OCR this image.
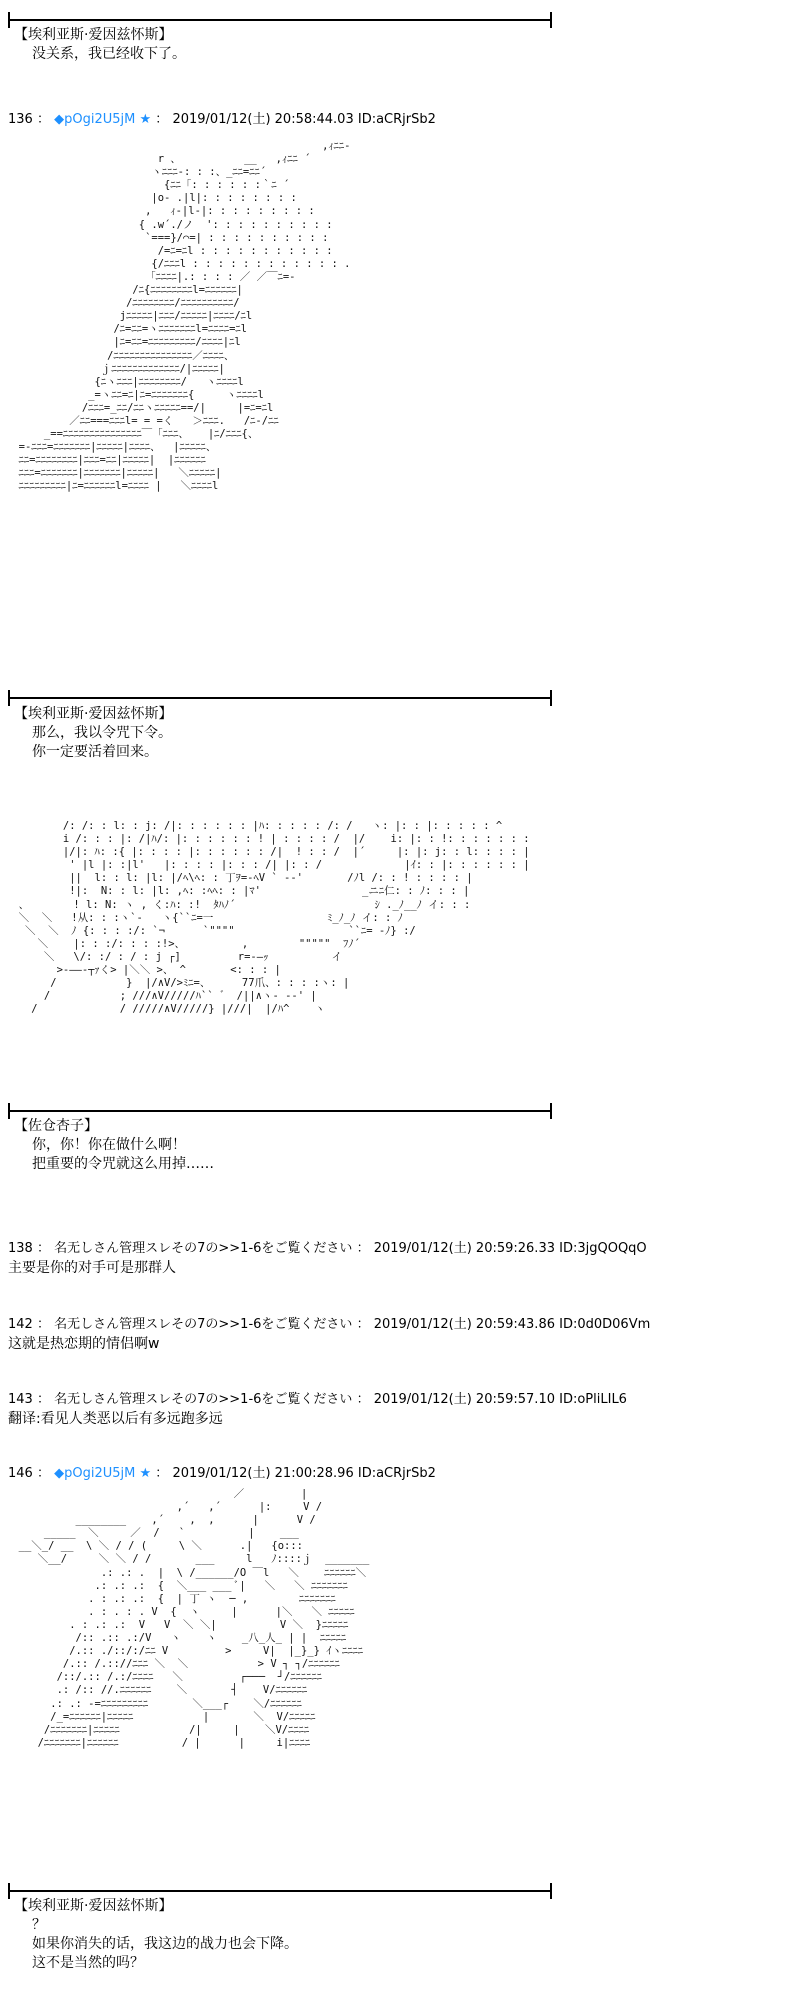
【埃利亚斯·爱因兹怀斯】
没关系，我已经收下了。
136 ： ◆pOgi2U5jM ★ ： 2019/01/12(土) 20:58:44.03 ID:aCRjrSb2
,ｨﾆﾆ-
r 、          __   ,ｨﾆﾆ ´
ヽﾆﾆﾆ-: : :、_ﾆﾆ=ﾆﾆ´
{ﾆﾆ「: : : : : :｀ﾆ ´
|o- .|l|: : : : : : : :
,   ｨ-|l-|: : : : : : : : :
{ .w´./ノ  ': : : : : : : : : :
`===}/⌒=| : : : : : : : : : :
/=ﾆ=ﾆl : : : : : : : : : : :
{/ﾆﾆﾆl : : : : : : : : : : : : .
「ﾆﾆﾆﾆ|.: : : : ／ ／￣ﾆ=-
/ﾆ{ﾆﾆﾆﾆﾆﾆﾆﾆl=ﾆﾆﾆﾆﾆﾆ|
/ﾆﾆﾆﾆﾆﾆﾆﾆ/ﾆﾆﾆﾆﾆﾆﾆﾆﾆﾆ/
jﾆﾆﾆﾆﾆ|ﾆﾆﾆ/ﾆﾆﾆﾆﾆ|ﾆﾆﾆﾆ/ﾆl
/ﾆ=ﾆﾆ=ヽﾆﾆﾆﾆﾆﾆﾆl=ﾆﾆﾆﾆ=ﾆl
|ﾆ=ﾆﾆ=ﾆﾆﾆﾆﾆﾆﾆﾆﾆ/ﾆﾆﾆﾆ|ﾆl
/ﾆﾆﾆﾆﾆﾆﾆﾆﾆﾆﾆﾆﾆﾆﾆ／ﾆﾆﾆﾆ、
ｊﾆﾆﾆﾆﾆﾆﾆﾆﾆﾆﾆﾆﾆ/|ﾆﾆﾆﾆﾆ|
{ﾆヽﾆﾆﾆ|ﾆﾆﾆﾆﾆﾆﾆﾆ/   ヽﾆﾆﾆﾆl
_=ヽﾆﾆ=ﾆ|ﾆ=ﾆﾆﾆﾆﾆﾆﾆ{     ヽﾆﾆﾆﾆl
/ﾆﾆﾆ=_ﾆﾆ/ﾆﾆヽﾆﾆﾆﾆﾆ==/|     |=ﾆ=ﾆl
／ﾆﾆ===ﾆﾆﾆl= = =く   ＞ﾆﾆﾆ.   /ﾆ-/ﾆﾆ
_==ﾆﾆﾆﾆﾆﾆﾆﾆﾆﾆﾆﾆﾆﾆﾆ￣「ﾆﾆﾆ、   |ﾆ/ﾆﾆﾆ{、
=-ﾆﾆﾆ=ﾆﾆﾆﾆﾆﾆﾆ|ﾆﾆﾆﾆﾆ|ﾆﾆﾆﾆ、  |ﾆﾆﾆﾆﾆ、
ﾆﾆ=ﾆﾆﾆﾆﾆﾆﾆﾆ|ﾆﾆﾆ=ﾆﾆ|ﾆﾆﾆﾆﾆ|  |ﾆﾆﾆﾆﾆﾆ
ﾆﾆﾆ=ﾆﾆﾆﾆﾆﾆﾆ|ﾆﾆﾆﾆﾆﾆﾆ|ﾆﾆﾆﾆﾆ|   ＼ﾆﾆﾆﾆﾆ|
ﾆﾆﾆﾆﾆﾆﾆﾆﾆ|ﾆ=ﾆﾆﾆﾆﾆﾆl=ﾆﾆﾆﾆ |   ＼ﾆﾆﾆﾆl
【埃利亚斯·爱因兹怀斯】
那么，我以令咒下令。
你一定要活着回来。
/: /: : l: : j: /|: : : : : : |ﾊ: : : : : /: /   ヽ: |: : |: : : : : ^
i /: : : |: /|ﾊ/: |: : : : : : ! | : : : : /  |/    i: |: : !: : : : : : :
|/|: ﾊ: :{ |: : : : |: : : : : : /|  ! : : /  |´     |: |: j: : l: : : : |
' |l |: :|l'   |: : : : |: : : /| |: : /             |ｲ: : |: : : : : : |
||  l: : l: |l: |/ﾍ\ﾍ: : 丁ｦ=-ﾍV ` --'       /ﾉl /: : ! : : : : |
!|:  N: : l: |l: ,ﾍ: :ﾍﾍ: : |ﾏ'                _ニﾆ仁: : ﾉ: : : |
、       ! l: N: ヽ , く:ﾊ: :!  ﾀﾊﾉ´                      ｼ ._ﾉ__ﾉ イ: : :
＼  ＼   !从: : :ヽ`-   ヽ{``ﾆ=一                  ﾐ_ﾉ_ﾉ イ: : ﾉ
＼  ＼  ﾉ {: : : :/: `¬      `""""                  ``ﾆ= -ﾉ} :/
＼    |: : :/: : : :!>、         ,        """""  ﾌﾉ´
＼   \/: :/ : / : j ┌]         r=-―ｯ          イ
>-――‐┬ｧく> |＼＼ >、 ^       <: : : |
/           }  |/∧V/>ﾐﾆ=、     77爪、: : : :ヽ: |
/           ; ///∧V/////ﾊ`` ゛ /||∧ヽ- ‐‐' |
/             / /////∧V/////} |///|  |/ﾊ^    ヽ
【佐仓杏子】
你，你！你在做什么啊！
把重要的令咒就这么用掉……
138 ： 名无しさん管理スレその7の>>1-6をご覧ください ： 2019/01/12(土) 20:59:26.33 ID:3jgQOQqO
主要是你的对手可是那群人
142 ： 名无しさん管理スレその7の>>1-6をご覧ください ： 2019/01/12(土) 20:59:43.86 ID:0d0D06Vm
这就是热恋期的情侣啊w
143 ： 名无しさん管理スレその7の>>1-6をご覧ください ： 2019/01/12(土) 20:59:57.10 ID:oPliLIL6
翻译:看见人类恶以后有多远跑多远
146 ： ◆pOgi2U5jM ★ ： 2019/01/12(土) 21:00:28.96 ID:aCRjrSb2
／         |
,´   ,´      |:     V /
________    ,´    ,  ,      |      V /
_____  ＼     ／  /   `          |    ___
__＼_/ __  \ ＼ / / (     \ ＼      .|   {o:::
＼__/     ＼ ＼ / /       ___     l   ﾉ::::ｊ  _______
.: .: .  |  \ /______/O ￣l   ＼    ﾆﾆﾆﾆﾆﾆ＼
.: .: .:  {  ＼___ ___ ﾞ|   ＼   ＼ ﾆﾆﾆﾆﾆﾆﾆ
. : .: .:  {  | 丁 ヽ  ─ ,        ﾆﾆﾆﾆﾆﾆﾆ
. : . : . V  {  ヽ     |      |＼   ＼ ﾆﾆﾆﾆﾆ
. : .: .:  V   V  ＼ ＼|          V ＼  }ﾆﾆﾆﾆﾆ
/:: .:: .:/V   ヽ    ヽ    _八_人_ | |  ﾆﾆﾆﾆﾆ
/.:: ./::/:/ﾆﾆ V         >     V|  |_}_} ｲヽﾆﾆﾆﾆ
/.:: /.:://ﾆﾆﾆ ＼  ＼           > V ┐ ┐/ﾆﾆﾆﾆﾆﾆ
/::/.:: /.:/ﾆﾆﾆﾆ   ＼         ┌───  ┘/ﾆﾆﾆﾆﾆﾆ
.: /:: //.ﾆﾆﾆﾆﾆﾆ    ＼       ┤    V/ﾆﾆﾆﾆﾆﾆ
.: .: -=ﾆﾆﾆﾆﾆﾆﾆﾆﾆ       ＼___┌    ＼/ﾆﾆﾆﾆﾆﾆ
/_=ﾆﾆﾆﾆﾆﾆ|ﾆﾆﾆﾆﾆ           |       ＼  V/ﾆﾆﾆﾆﾆ
/ﾆﾆﾆﾆﾆﾆﾆ|ﾆﾆﾆﾆﾆ           /|     |    ＼V/ﾆﾆﾆﾆ
/ﾆﾆﾆﾆﾆﾆﾆ|ﾆﾆﾆﾆﾆﾆ          / |      |     i|ﾆﾆﾆﾆ
【埃利亚斯·爱因兹怀斯】
？
如果你消失的话，我这边的战力也会下降。
这不是当然的吗？
